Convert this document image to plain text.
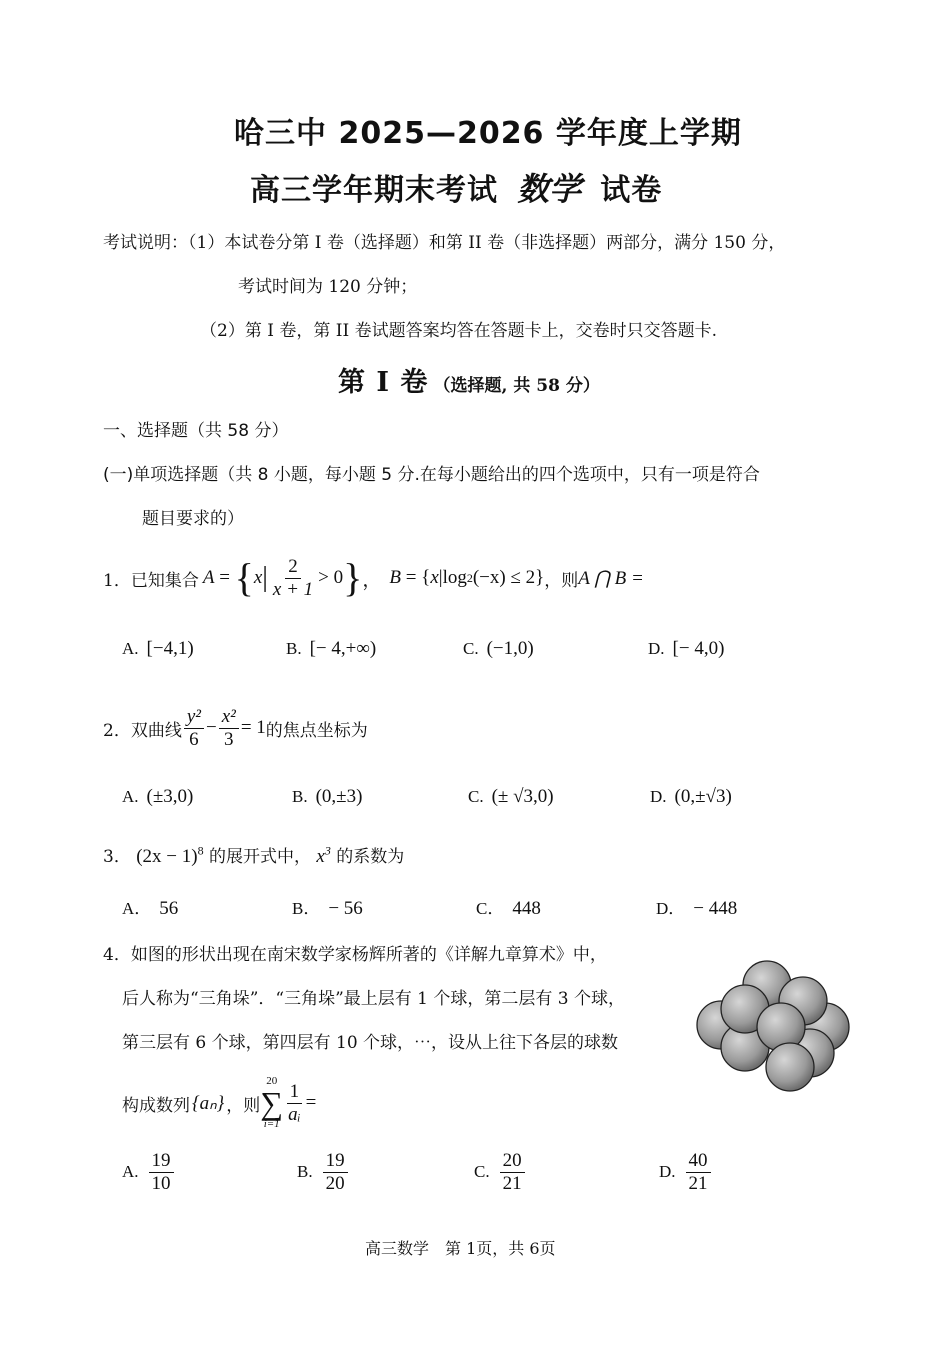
哈三中 2025—2026 学年度上学期
高三学年期末考试 数学 试卷
考试说明：（1）本试卷分第 I 卷（选择题）和第 II 卷（非选择题）两部分，满分 150 分，
考试时间为 120 分钟；
（2）第 I 卷，第 II 卷试题答案均答在答题卡上，交卷时只交答题卡.
第 I 卷 （选择题, 共 58 分）
一、选择题（共 58 分）
(一)单项选择题（共 8 小题，每小题 5 分.在每小题给出的四个选项中，只有一项是符合
题目要求的）
1． 已知集合 A = { x | $\frac{2}{x + 1} > 0$ } ， B = { x | log 2 (−x) ≤ 2 } ，则 A ⋂ B =
A. [−4,1)	B. [− 4,+∞)	C. (−1,0)	D. [− 4,0)
2． 双曲线 $\frac{\text{y²}}{6} - \frac{\text{x²}}{3} = 1$ 的焦点坐标为
A. (±3,0)	B. (0,±3)	C. (± √3,0)	D. (0,±√3)
3． $(2x - 1)^8$ 的展开式中， $x^3$ 的系数为
A． 56	B． − 56	C． 448	D． − 448
4．如图的形状出现在南宋数学家杨辉所著的《详解九章算术》中，
后人称为“三角垛”．“三角垛”最上层有 1 个球，第二层有 3 个球，
第三层有 6 个球，第四层有 10 个球，⋯，设从上往下各层的球数
构成数列 {aₙ} ，则
20
∑
$i=1 \frac{1}{\text{aᵢ}}$ =
A. $\frac{19}{10}$	B. $\frac{19}{20}$	C. $\frac{20}{21}$	D. $\frac{40}{21}$
高三数学　第 1页，共 6页
